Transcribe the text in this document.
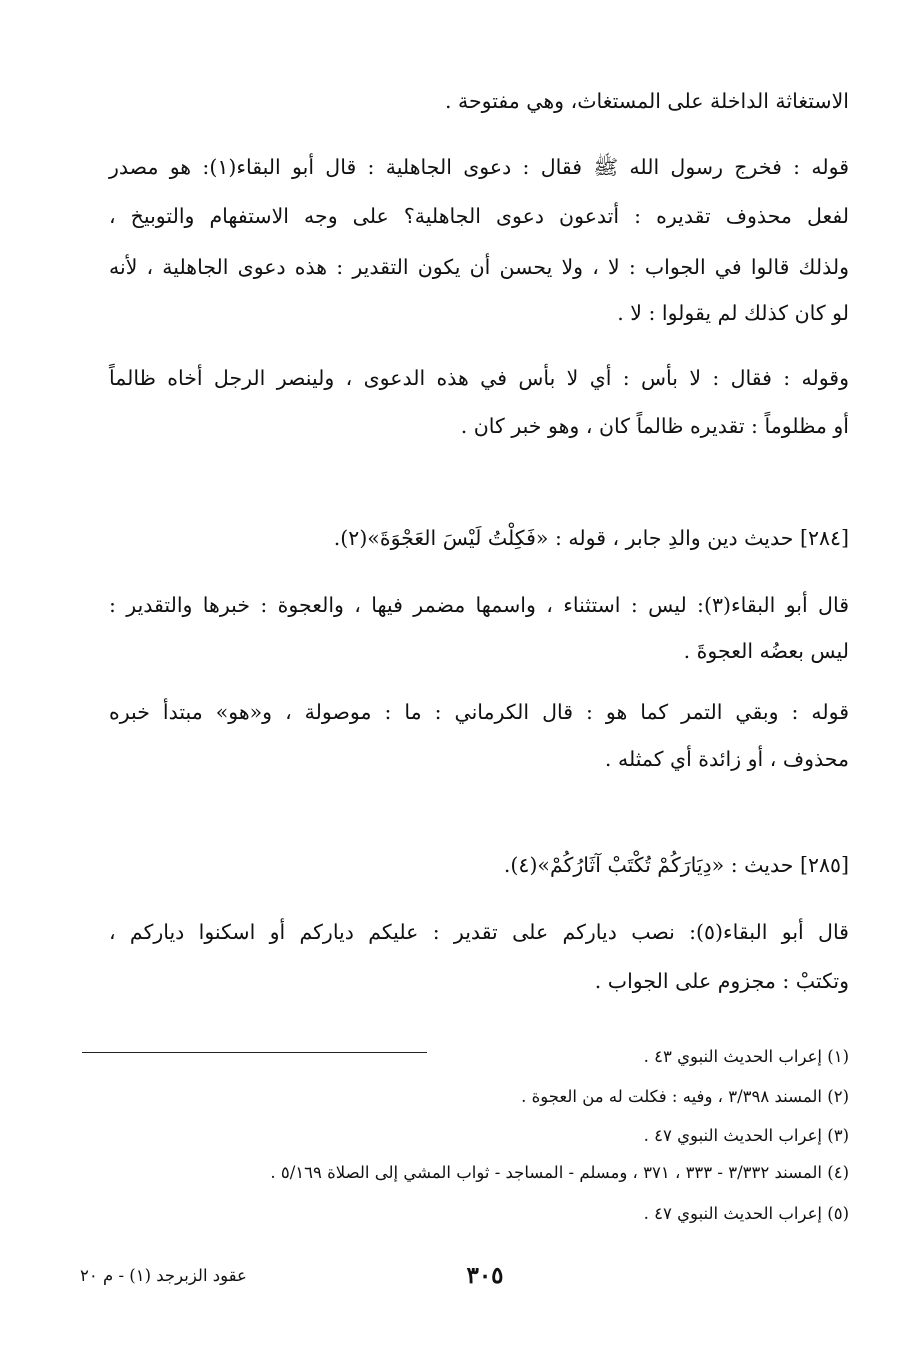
الاستغاثة الداخلة على المستغاث، وهي مفتوحة .
قوله : فخرج رسول الله ﷺ فقال : دعوى الجاهلية : قال أبو البقاء(١): هو مصدر
لفعل محذوف تقديره : أتدعون دعوى الجاهلية؟ على وجه الاستفهام والتوبيخ ،
ولذلك قالوا في الجواب : لا ، ولا يحسن أن يكون التقدير : هذه دعوى الجاهلية ، لأنه
لو كان كذلك لم يقولوا : لا .
وقوله : فقال : لا بأس : أي لا بأس في هذه الدعوى ، ولينصر الرجل أخاه ظالماً
أو مظلوماً : تقديره ظالماً كان ، وهو خبر كان .
[٢٨٤] حديث دين والدِ جابر ، قوله : «فَكِلْتُ لَيْسَ العَجْوَةَ»(٢).
قال أبو البقاء(٣): ليس : استثناء ، واسمها مضمر فيها ، والعجوة : خبرها والتقدير :
ليس بعضُه العجوةَ .
قوله : وبقي التمر كما هو : قال الكرماني : ما : موصولة ، و«هو» مبتدأ خبره
محذوف ، أو زائدة أي كمثله .
[٢٨٥] حديث : «دِيَارَكُمْ تُكْتَبْ آثَارُكُمْ»(٤).
قال أبو البقاء(٥): نصب دياركم على تقدير : عليكم دياركم أو اسكنوا دياركم ،
وتكتبْ : مجزوم على الجواب .
(١) إعراب الحديث النبوي ٤٣ .
(٢) المسند ٣/٣٩٨ ، وفيه : فكلت له من العجوة .
(٣) إعراب الحديث النبوي ٤٧ .
(٤) المسند ٣/٣٣٢ - ٣٣٣ ، ٣٧١ ، ومسلم - المساجد - ثواب المشي إلى الصلاة ٥/١٦٩ .
(٥) إعراب الحديث النبوي ٤٧ .
٣٠٥
عقود الزبرجد (١) - م ٢٠
